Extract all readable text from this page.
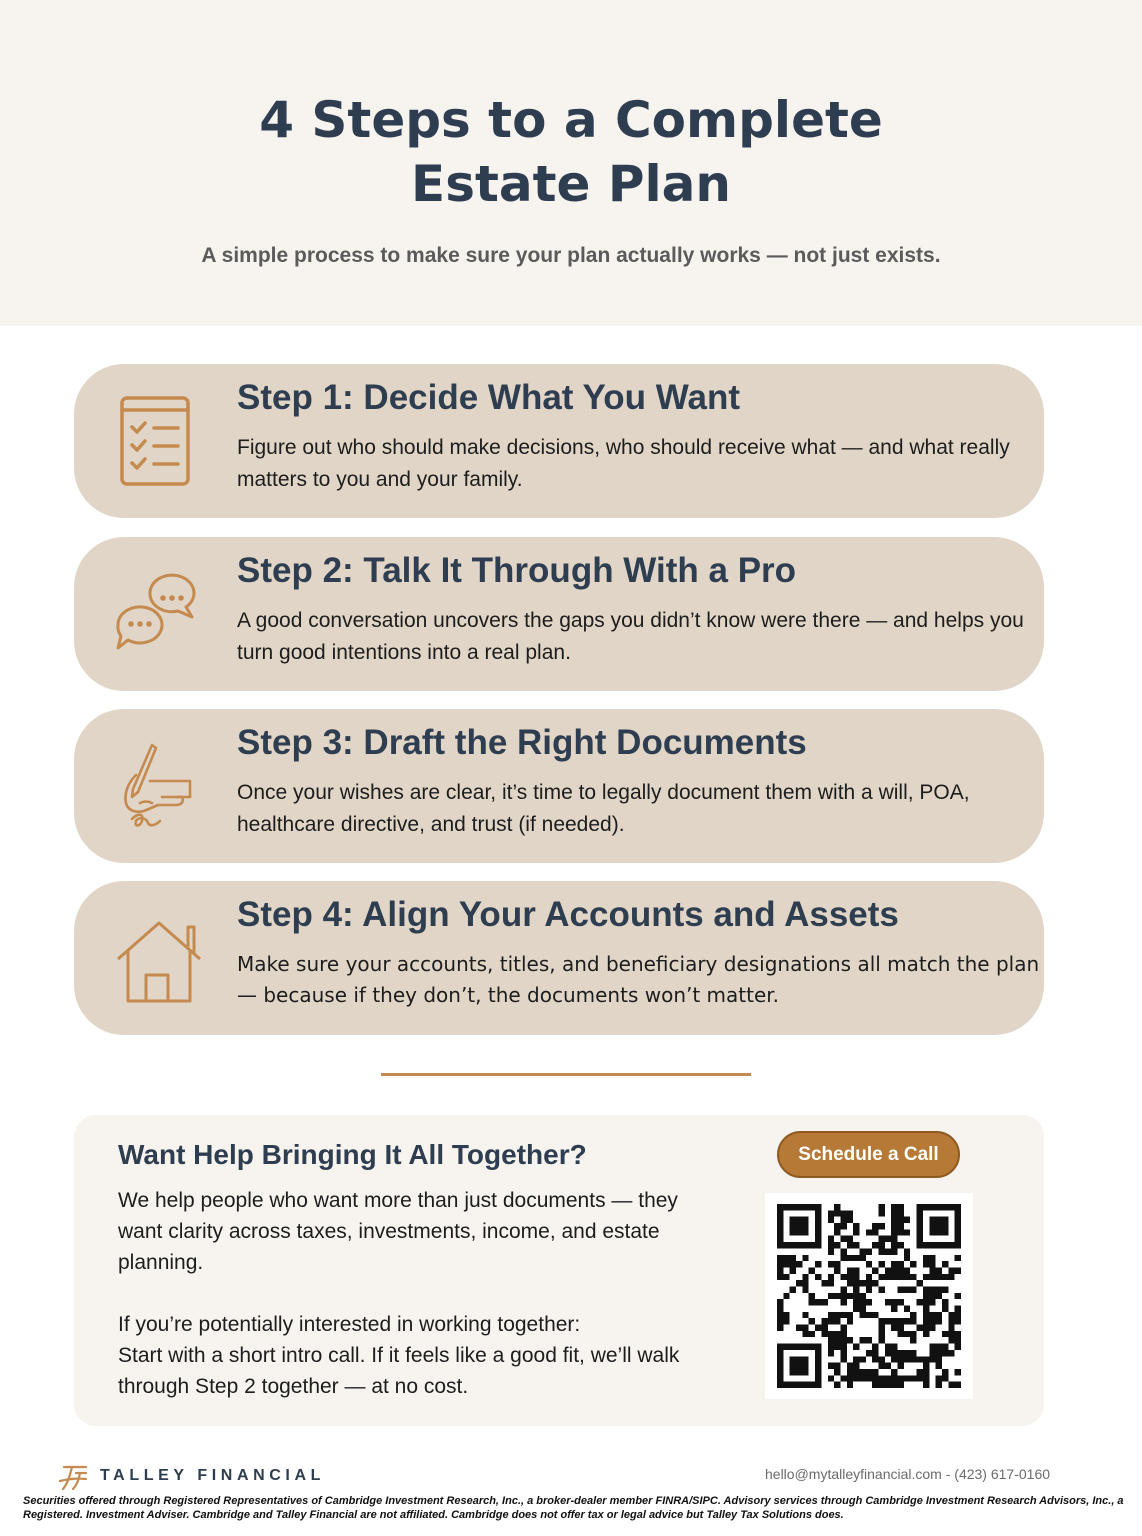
4 Steps to a Complete
Estate Plan
A simple process to make sure your plan actually works — not just exists.
Step 1: Decide What You Want

Figure out who should make decisions, who should receive what — and what really matters to you and your family.

Step 2: Talk It Through With a Pro

A good conversation uncovers the gaps you didn’t know were there — and helps you turn good intentions into a real plan.

Step 3: Draft the Right Documents

Once your wishes are clear, it’s time to legally document them with a will, POA, healthcare directive, and trust (if needed).

Step 4: Align Your Accounts and Assets

Make sure your accounts, titles, and beneficiary designations all match the plan — because if they don’t, the documents won’t matter.

Want Help Bringing It All Together?

We help people who want more than just documents — they want clarity across taxes, investments, income, and estate planning.

If you’re potentially interested in working together:
Start with a short intro call. If it feels like a good fit, we’ll walk through Step 2 together — at no cost.

Schedule a Call
TALLEY FINANCIAL	hello@mytalleyfinancial.com - (423) 617-0160
Securities offered through Registered Representatives of Cambridge Investment Research, Inc., a broker-dealer member FINRA/SIPC. Advisory services through Cambridge Investment Research Advisors, Inc., a Registered. Investment Adviser. Cambridge and Talley Financial are not affiliated. Cambridge does not offer tax or legal advice but Talley Tax Solutions does.
